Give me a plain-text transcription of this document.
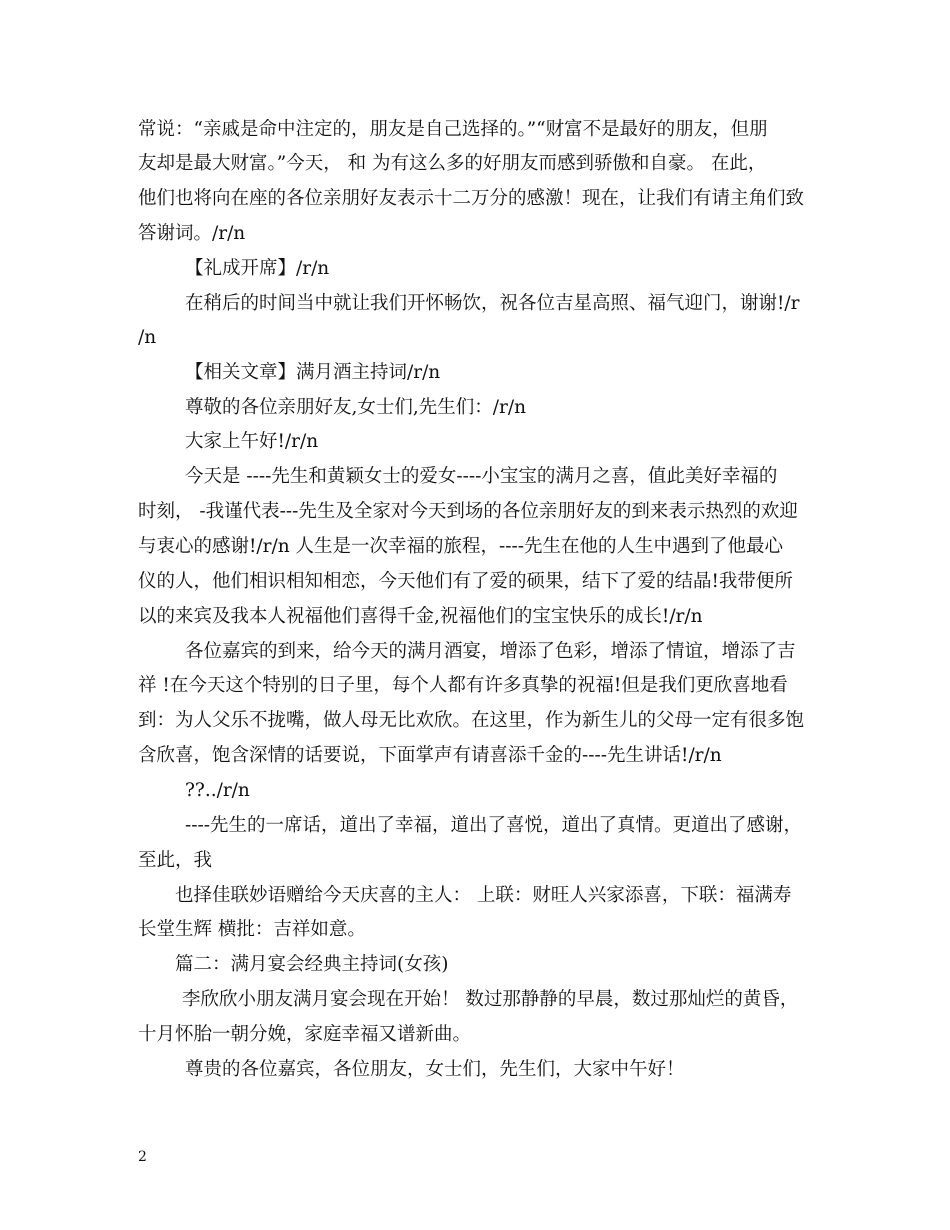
常说：“亲戚是命中注定的，朋友是自己选择的。”“财富不是最好的朋友，但朋
友却是最大财富。”今天， 和 为有这么多的好朋友而感到骄傲和自豪。 在此，
他们也将向在座的各位亲朋好友表示十二万分的感激！现在，让我们有请主角们致
答谢词。/r/n
【礼成开席】/r/n
在稍后的时间当中就让我们开怀畅饮，祝各位吉星高照、福气迎门，谢谢!/r
/n
【相关文章】满月酒主持词/r/n
尊敬的各位亲朋好友,女士们,先生们：/r/n
大家上午好!/r/n
今天是 ----先生和黄颖女士的爱女----小宝宝的满月之喜，值此美好幸福的
时刻， -我谨代表---先生及全家对今天到场的各位亲朋好友的到来表示热烈的欢迎
与衷心的感谢!/r/n 人生是一次幸福的旅程，----先生在他的人生中遇到了他最心
仪的人，他们相识相知相恋，今天他们有了爱的硕果，结下了爱的结晶!我带便所
以的来宾及我本人祝福他们喜得千金,祝福他们的宝宝快乐的成长!/r/n
各位嘉宾的到来，给今天的满月酒宴，增添了色彩，增添了情谊，增添了吉
祥 !在今天这个特别的日子里，每个人都有许多真挚的祝福!但是我们更欣喜地看
到：为人父乐不拢嘴，做人母无比欢欣。在这里，作为新生儿的父母一定有很多饱
含欣喜，饱含深情的话要说，下面掌声有请喜添千金的----先生讲话!/r/n
??../r/n
----先生的一席话，道出了幸福，道出了喜悦，道出了真情。更道出了感谢，
至此，我
也择佳联妙语赠给今天庆喜的主人： 上联：财旺人兴家添喜，下联：福满寿
长堂生辉 横批：吉祥如意。
篇二：满月宴会经典主持词(女孩)
李欣欣小朋友满月宴会现在开始！ 数过那静静的早晨，数过那灿烂的黄昏，
十月怀胎一朝分娩，家庭幸福又谱新曲。
尊贵的各位嘉宾，各位朋友，女士们，先生们，大家中午好！
2
